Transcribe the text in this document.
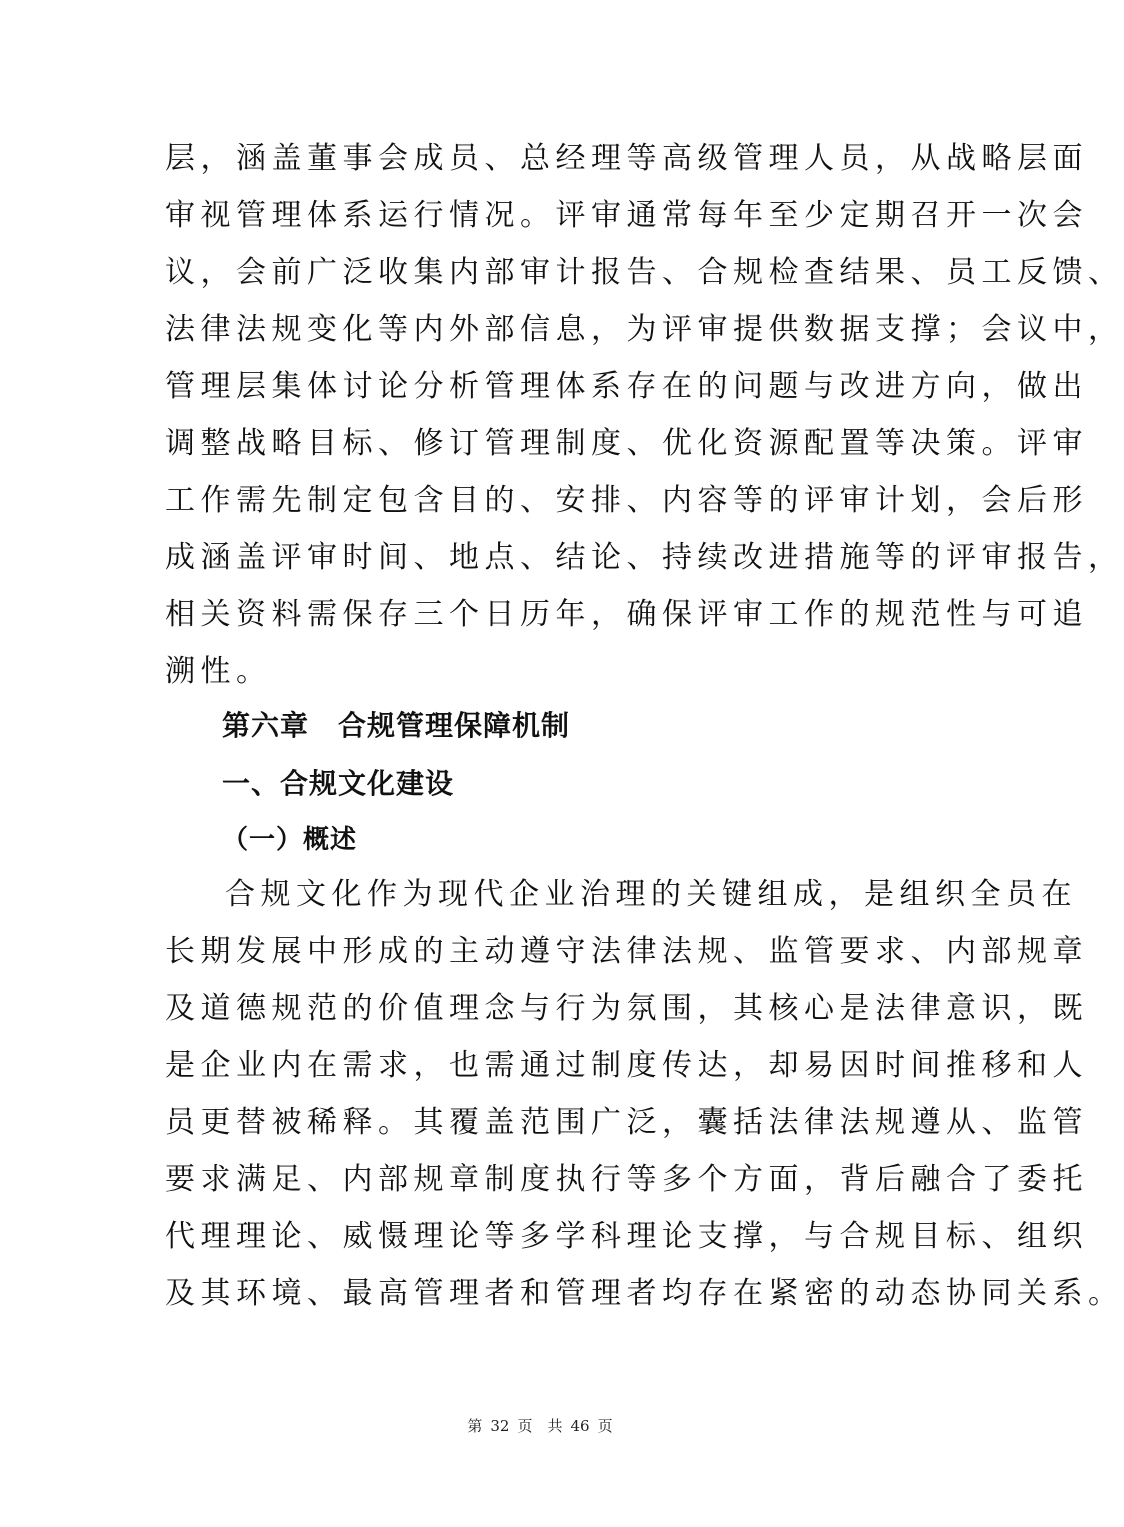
层，涵盖董事会成员、总经理等高级管理人员，从战略层面
审视管理体系运行情况。评审通常每年至少定期召开一次会
议，会前广泛收集内部审计报告、合规检查结果、员工反馈、
法律法规变化等内外部信息，为评审提供数据支撑；会议中，
管理层集体讨论分析管理体系存在的问题与改进方向，做出
调整战略目标、修订管理制度、优化资源配置等决策。评审
工作需先制定包含目的、安排、内容等的评审计划，会后形
成涵盖评审时间、地点、结论、持续改进措施等的评审报告，
相关资料需保存三个日历年，确保评审工作的规范性与可追
溯性。
第六章　合规管理保障机制
一、合规文化建设
（一）概述
合规文化作为现代企业治理的关键组成，是组织全员在
长期发展中形成的主动遵守法律法规、监管要求、内部规章
及道德规范的价值理念与行为氛围，其核心是法律意识，既
是企业内在需求，也需通过制度传达，却易因时间推移和人
员更替被稀释。其覆盖范围广泛，囊括法律法规遵从、监管
要求满足、内部规章制度执行等多个方面，背后融合了委托
代理理论、威慑理论等多学科理论支撑，与合规目标、组织
及其环境、最高管理者和管理者均存在紧密的动态协同关系。
第 32 页　共 46 页
